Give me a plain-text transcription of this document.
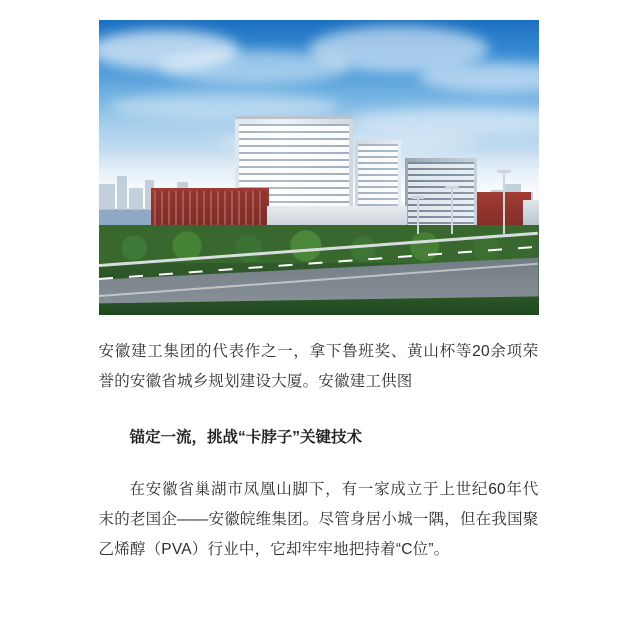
安徽建工集团的代表作之一，拿下鲁班奖、黄山杯等20余项荣誉的安徽省城乡规划建设大厦。安徽建工供图

锚定一流，挑战“卡脖子”关键技术

在安徽省巢湖市凤凰山脚下，有一家成立于上世纪60年代末的老国企——安徽皖维集团。尽管身居小城一隅，但在我国聚乙烯醇（PVA）行业中，它却牢牢地把持着“C位”。
